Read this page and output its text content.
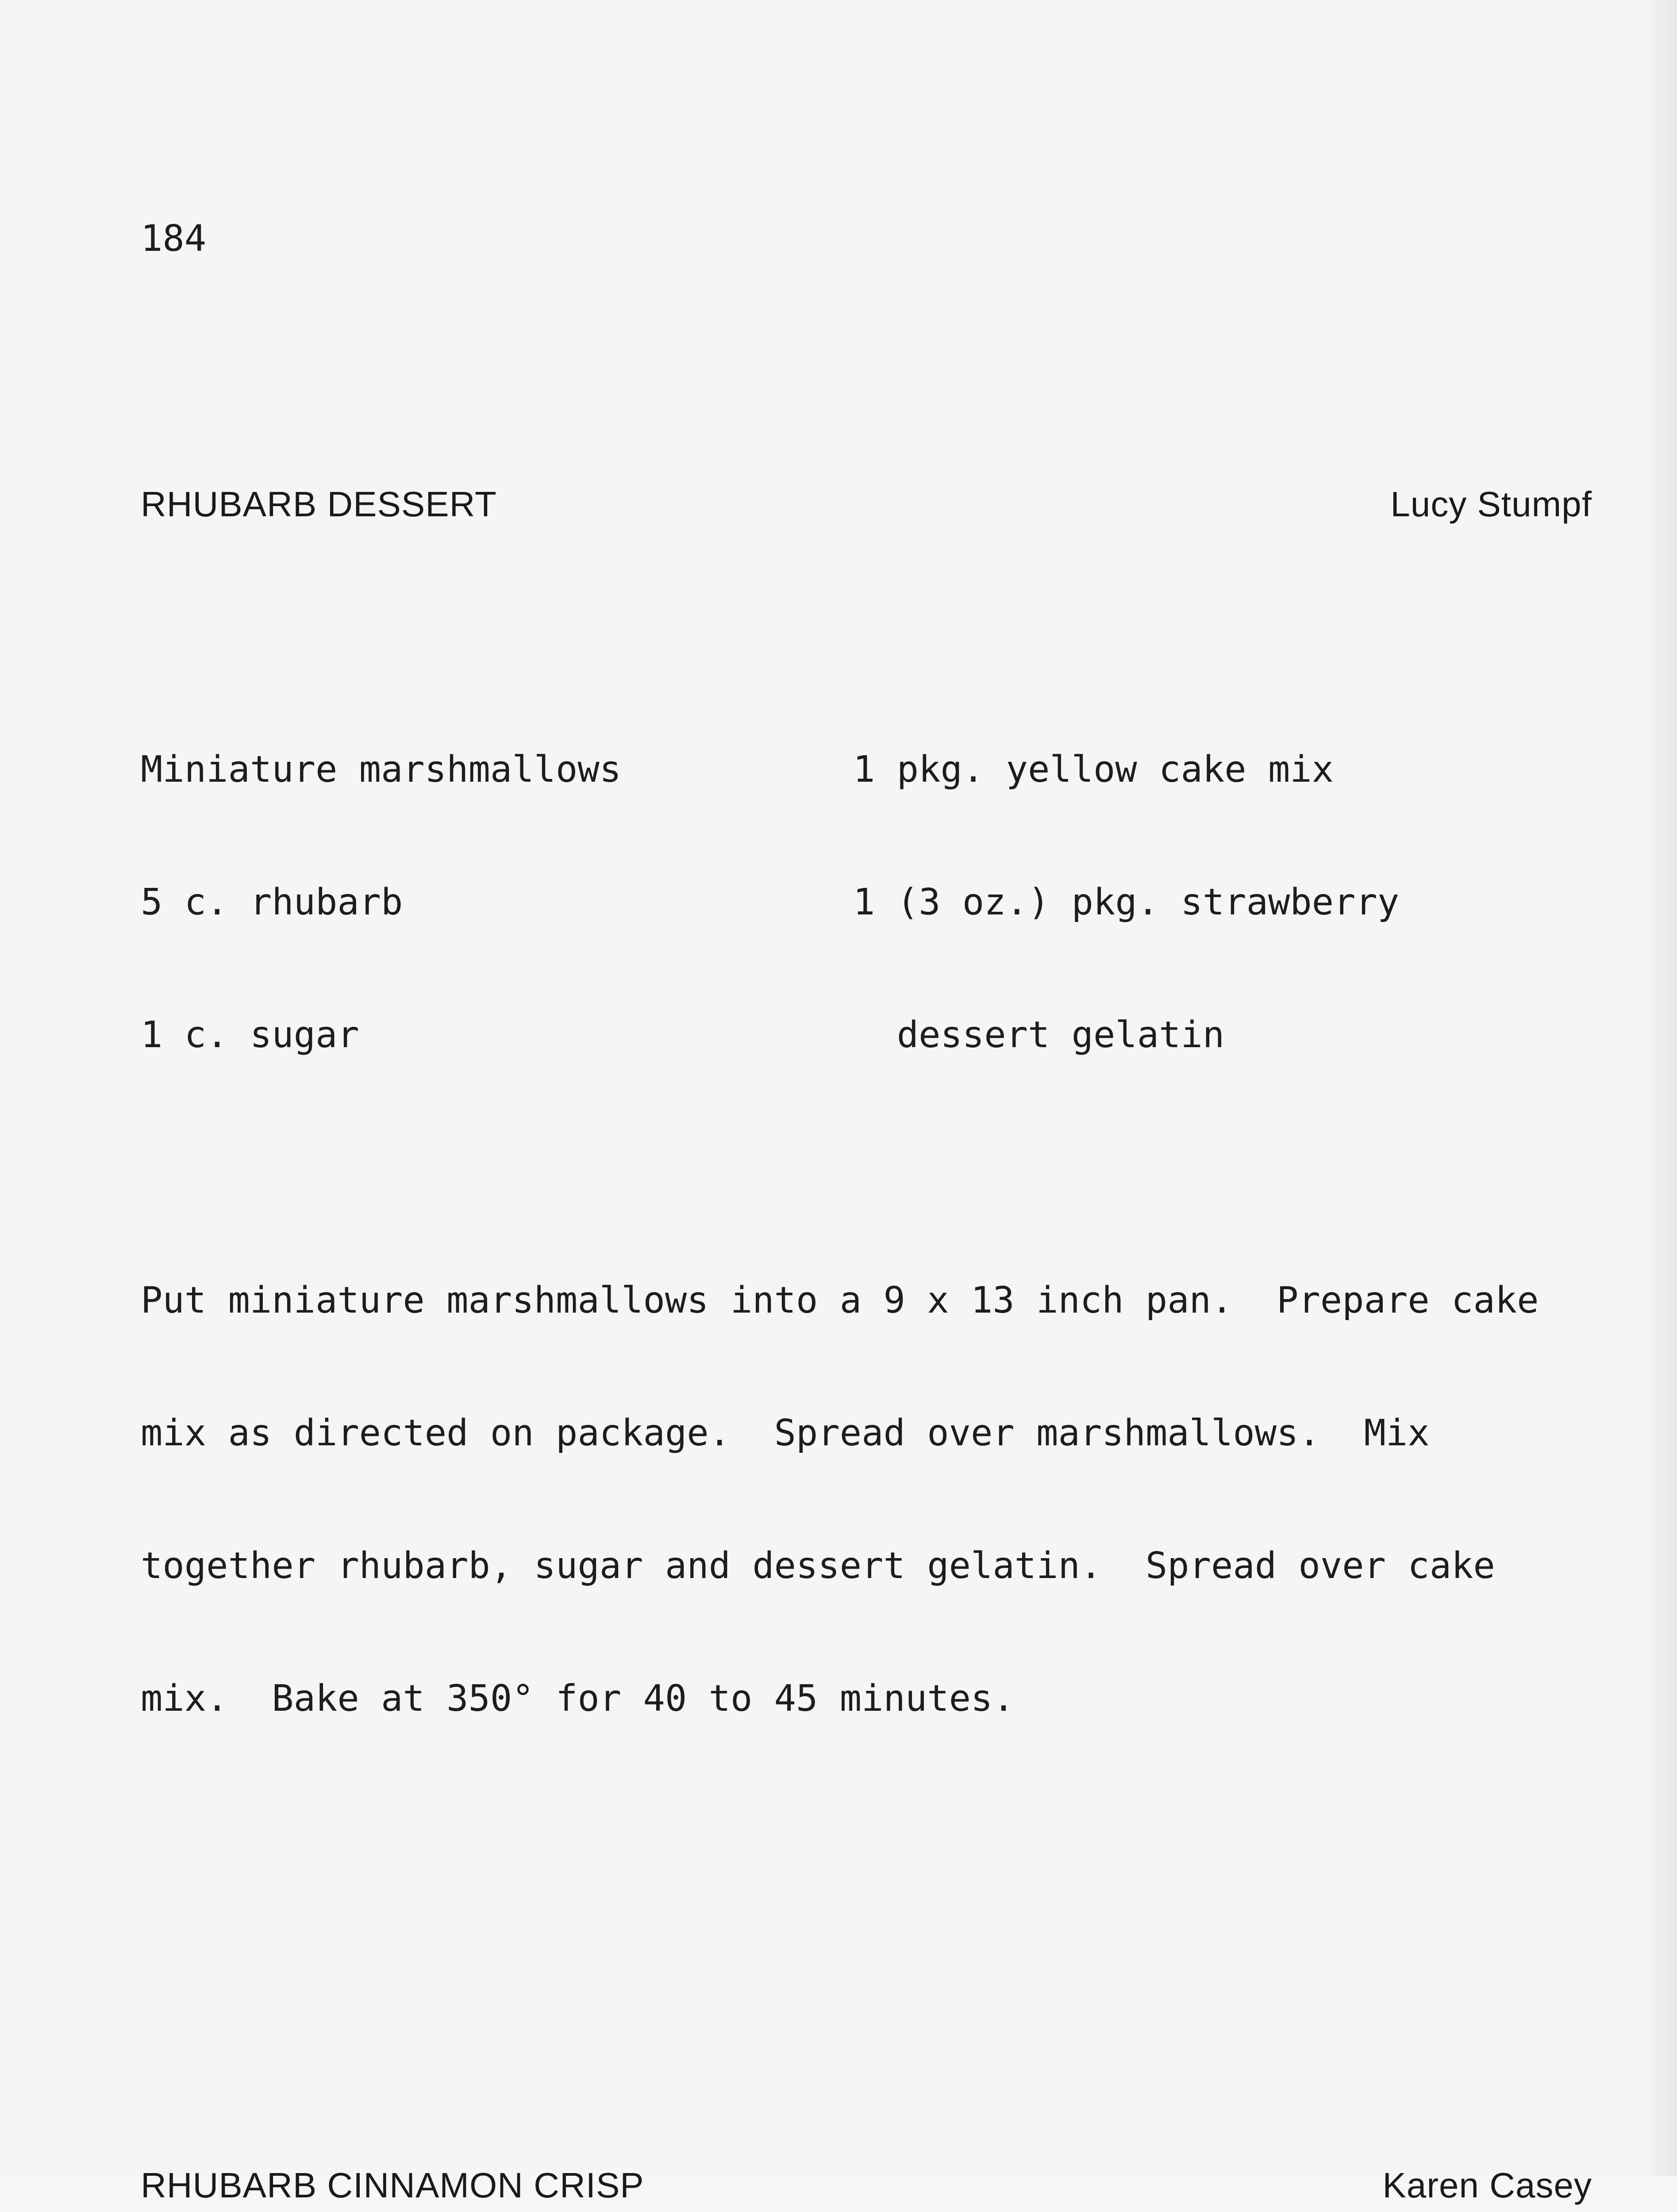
184

RHUBARB DESSERT	Lucy Stumpf

Miniature marshmallows	1 pkg. yellow cake mix

5 c. rhubarb	1 (3 oz.) pkg. strawberry

1 c. sugar	dessert gelatin

Put miniature marshmallows into a 9 x 13 inch pan.  Prepare cake

mix as directed on package.  Spread over marshmallows.  Mix

together rhubarb, sugar and dessert gelatin.  Spread over cake

mix.  Bake at 350° for 40 to 45 minutes.

RHUBARB CINNAMON CRISP	Karen Casey
